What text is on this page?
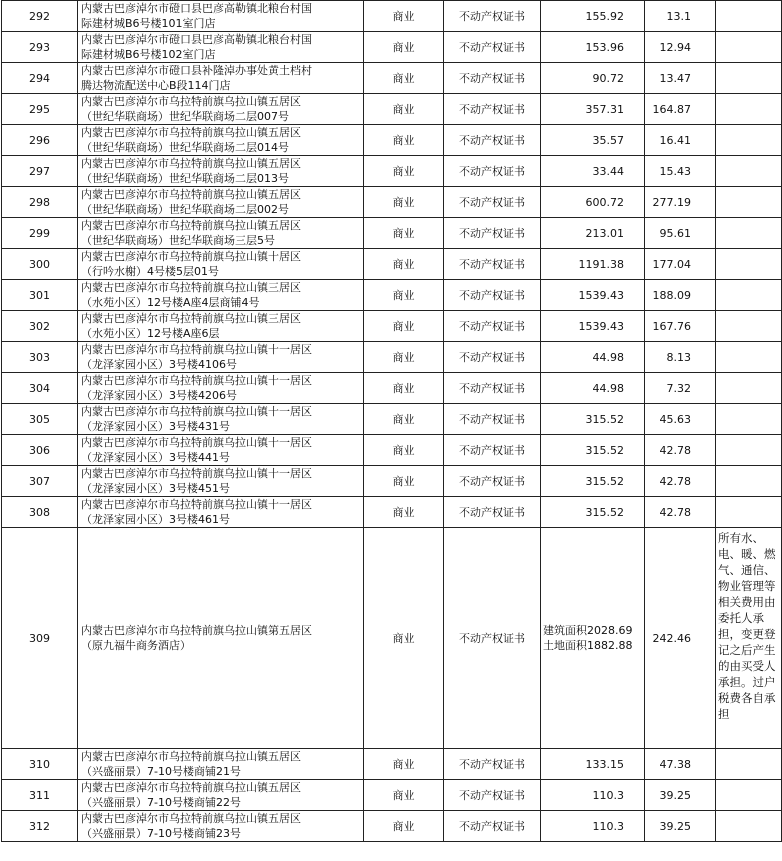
292	内蒙古巴彦淖尔市磴口县巴彦高勒镇北粮台村国
际建材城B6号楼101室门店	商业	不动产权证书	155.92	13.1	
293	内蒙古巴彦淖尔市磴口县巴彦高勒镇北粮台村国
际建材城B6号楼102室门店	商业	不动产权证书	153.96	12.94	
294	内蒙古巴彦淖尔市磴口县补隆淖办事处黄土档村
腾达物流配送中心B段114门店	商业	不动产权证书	90.72	13.47	
295	内蒙古巴彦淖尔市乌拉特前旗乌拉山镇五居区
（世纪华联商场）世纪华联商场二层007号	商业	不动产权证书	357.31	164.87	
296	内蒙古巴彦淖尔市乌拉特前旗乌拉山镇五居区
（世纪华联商场）世纪华联商场二层014号	商业	不动产权证书	35.57	16.41	
297	内蒙古巴彦淖尔市乌拉特前旗乌拉山镇五居区
（世纪华联商场）世纪华联商场二层013号	商业	不动产权证书	33.44	15.43	
298	内蒙古巴彦淖尔市乌拉特前旗乌拉山镇五居区
（世纪华联商场）世纪华联商场二层002号	商业	不动产权证书	600.72	277.19	
299	内蒙古巴彦淖尔市乌拉特前旗乌拉山镇五居区
（世纪华联商场）世纪华联商场三层5号	商业	不动产权证书	213.01	95.61	
300	内蒙古巴彦淖尔市乌拉特前旗乌拉山镇十居区
（行吟水榭）4号楼5层01号	商业	不动产权证书	1191.38	177.04	
301	内蒙古巴彦淖尔市乌拉特前旗乌拉山镇三居区
（水苑小区）12号楼A座4层商铺4号	商业	不动产权证书	1539.43	188.09	
302	内蒙古巴彦淖尔市乌拉特前旗乌拉山镇三居区
（水苑小区）12号楼A座6层	商业	不动产权证书	1539.43	167.76	
303	内蒙古巴彦淖尔市乌拉特前旗乌拉山镇十一居区
（龙泽家园小区）3号楼4106号	商业	不动产权证书	44.98	8.13	
304	内蒙古巴彦淖尔市乌拉特前旗乌拉山镇十一居区
（龙泽家园小区）3号楼4206号	商业	不动产权证书	44.98	7.32	
305	内蒙古巴彦淖尔市乌拉特前旗乌拉山镇十一居区
（龙泽家园小区）3号楼431号	商业	不动产权证书	315.52	45.63	
306	内蒙古巴彦淖尔市乌拉特前旗乌拉山镇十一居区
（龙泽家园小区）3号楼441号	商业	不动产权证书	315.52	42.78	
307	内蒙古巴彦淖尔市乌拉特前旗乌拉山镇十一居区
（龙泽家园小区）3号楼451号	商业	不动产权证书	315.52	42.78	
308	内蒙古巴彦淖尔市乌拉特前旗乌拉山镇十一居区
（龙泽家园小区）3号楼461号	商业	不动产权证书	315.52	42.78	
309	内蒙古巴彦淖尔市乌拉特前旗乌拉山镇第五居区
（原九福牛商务酒店）	商业	不动产权证书	建筑面积2028.69
土地面积1882.88	242.46	所有水、电、暖、燃气、通信、物业管理等相关费用由委托人承担，变更登记之后产生的由买受人承担。过户税费各自承担

310	内蒙古巴彦淖尔市乌拉特前旗乌拉山镇五居区
（兴盛丽景）7-10号楼商铺21号	商业	不动产权证书	133.15	47.38	
311	内蒙古巴彦淖尔市乌拉特前旗乌拉山镇五居区
（兴盛丽景）7-10号楼商铺22号	商业	不动产权证书	110.3	39.25	
312	内蒙古巴彦淖尔市乌拉特前旗乌拉山镇五居区
（兴盛丽景）7-10号楼商铺23号	商业	不动产权证书	110.3	39.25	
